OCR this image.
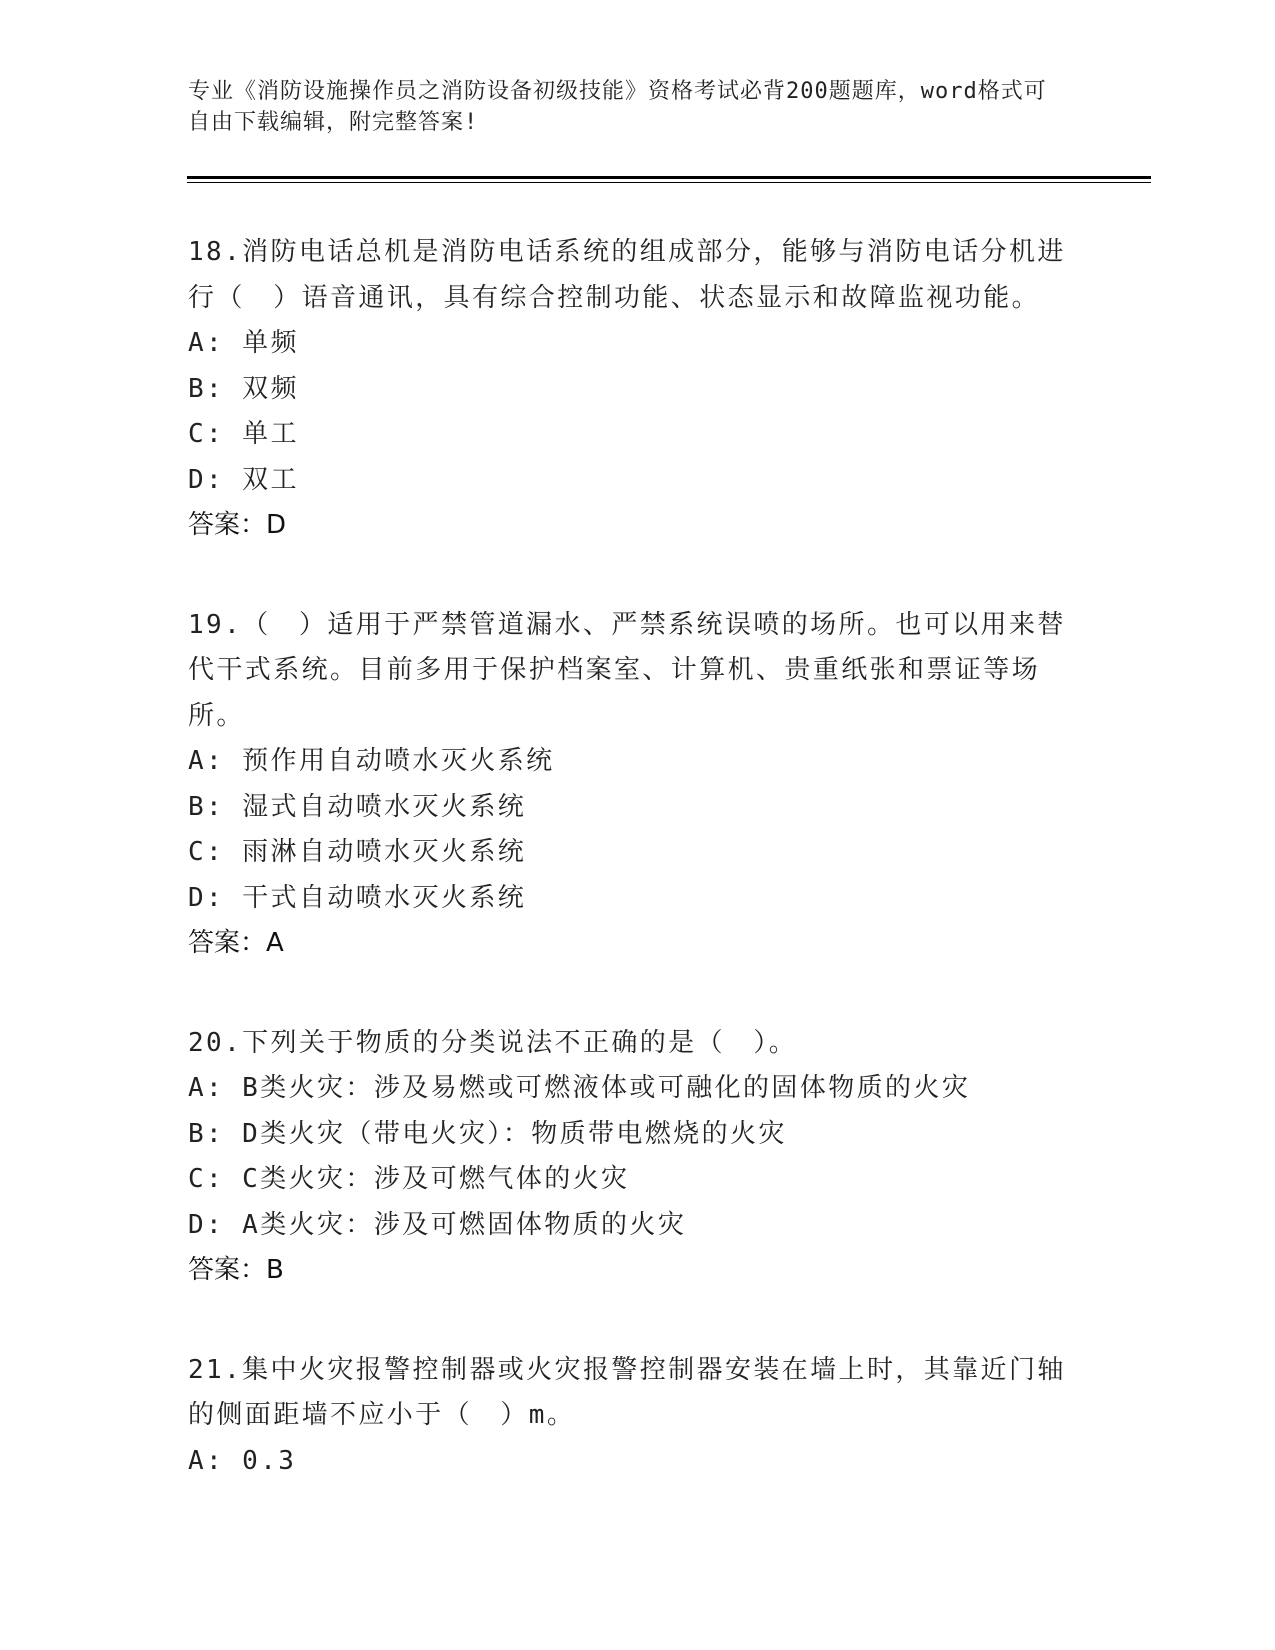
专业《消防设施操作员之消防设备初级技能》资格考试必背200题题库，word格式可自由下载编辑，附完整答案!

18.消防电话总机是消防电话系统的组成部分，能够与消防电话分机进行（　）语音通讯，具有综合控制功能、状态显示和故障监视功能。

A: 单频

B: 双频

C: 单工

D: 双工

答案：D

19.（　）适用于严禁管道漏水、严禁系统误喷的场所。也可以用来替代干式系统。目前多用于保护档案室、计算机、贵重纸张和票证等场所。

A: 预作用自动喷水灭火系统

B: 湿式自动喷水灭火系统

C: 雨淋自动喷水灭火系统

D: 干式自动喷水灭火系统

答案：A

20.下列关于物质的分类说法不正确的是（　）。

A: B类火灾：涉及易燃或可燃液体或可融化的固体物质的火灾

B: D类火灾（带电火灾）：物质带电燃烧的火灾

C: C类火灾：涉及可燃气体的火灾

D: A类火灾：涉及可燃固体物质的火灾

答案：B

21.集中火灾报警控制器或火灾报警控制器安装在墙上时，其靠近门轴的侧面距墙不应小于（　）m。

A: 0.3
